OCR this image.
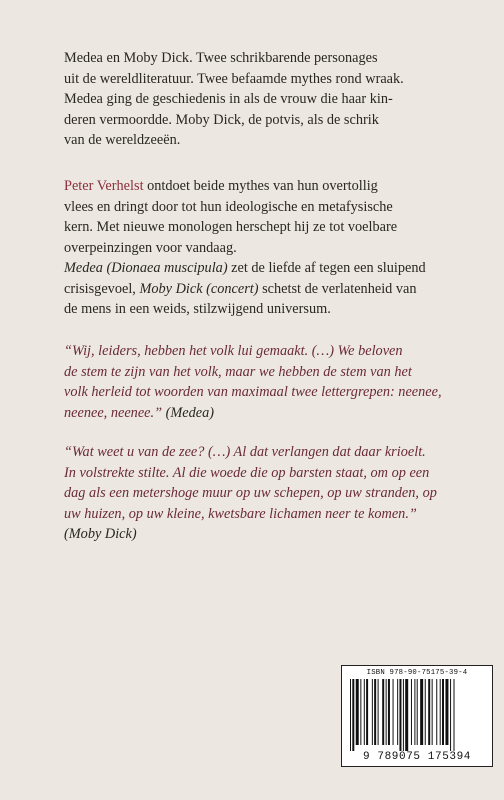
Medea en Moby Dick. Twee schrikbarende personages

uit de wereldliteratuur. Twee befaamde mythes rond wraak.

Medea ging de geschiedenis in als de vrouw die haar kin-

deren vermoordde. Moby Dick, de potvis, als de schrik

van de wereldzeeën.

Peter Verhelst ontdoet beide mythes van hun overtollig

vlees en dringt door tot hun ideologische en metafysische

kern. Met nieuwe monologen herschept hij ze tot voelbare

overpeinzingen voor vandaag.

Medea (Dionaea muscipula) zet de liefde af tegen een sluipend

crisisgevoel, Moby Dick (concert) schetst de verlatenheid van

de mens in een weids, stilzwijgend universum.

“Wij, leiders, hebben het volk lui gemaakt. (…) We beloven

de stem te zijn van het volk, maar we hebben de stem van het

volk herleid tot woorden van maximaal twee lettergrepen: neenee,

neenee, neenee.” (Medea)

“Wat weet u van de zee? (…) Al dat verlangen dat daar krioelt.

In volstrekte stilte. Al die woede die op barsten staat, om op een

dag als een metershoge muur op uw schepen, op uw stranden, op

uw huizen, op uw kleine, kwetsbare lichamen neer te komen.”

(Moby Dick)

ISBN 978-90-75175-39-4
9 789075 175394
